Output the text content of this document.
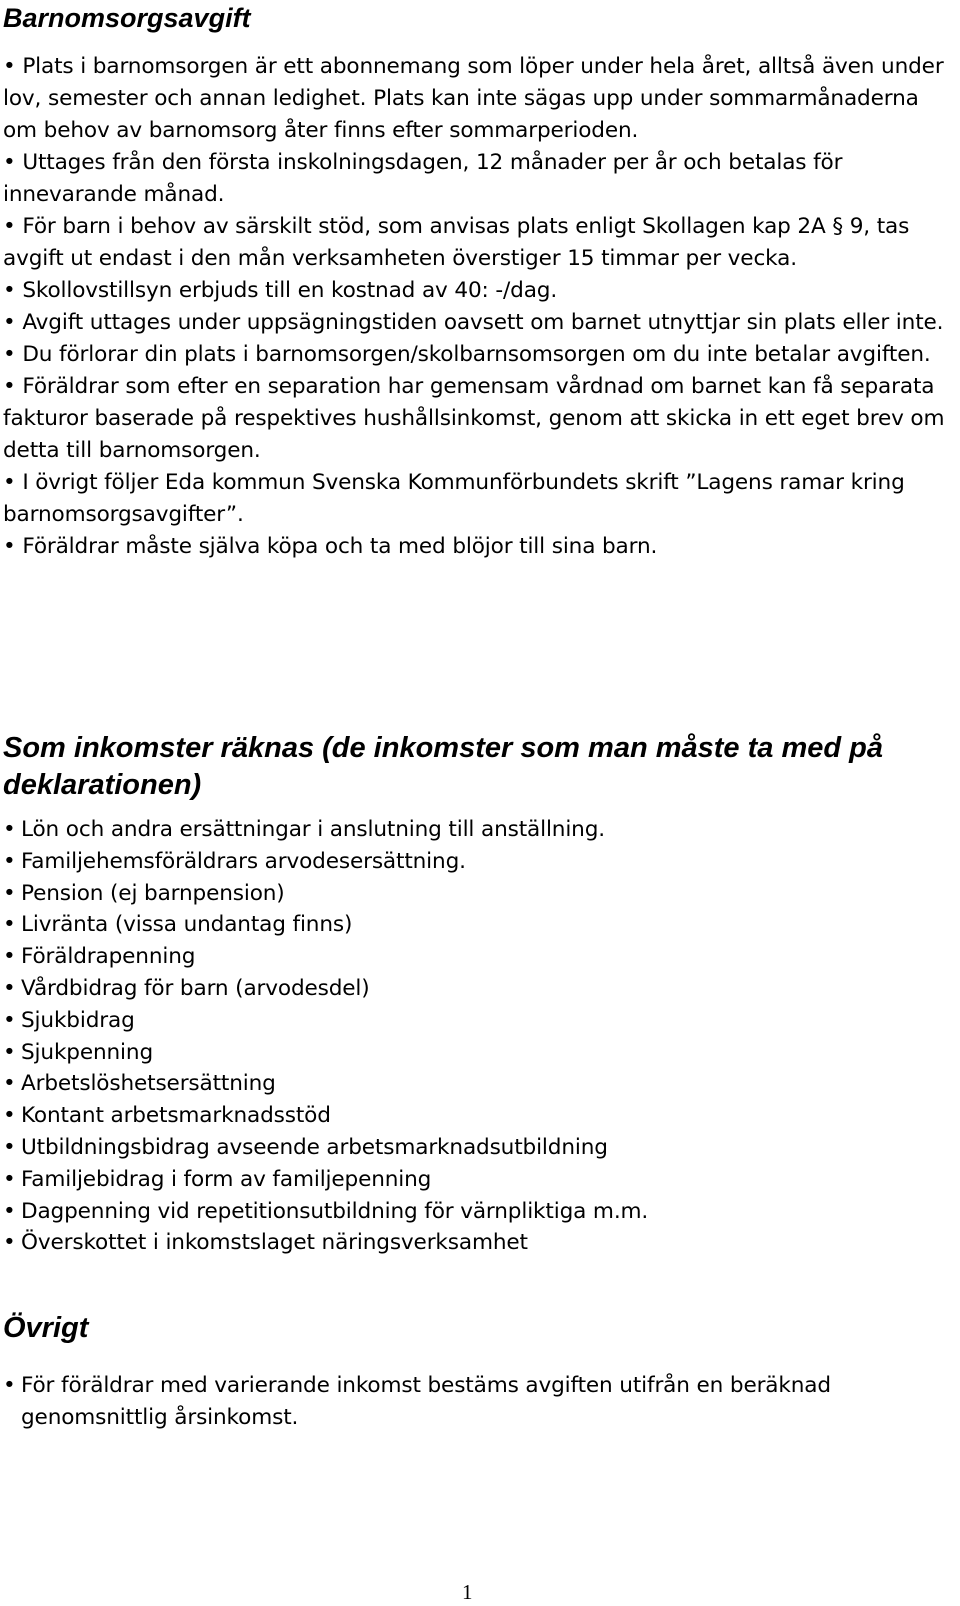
Barnomsorgsavgift

• Plats i barnomsorgen är ett abonnemang som löper under hela året, alltså även under lov, semester och annan ledighet. Plats kan inte sägas upp under sommarmånaderna om behov av barnomsorg åter finns efter sommarperioden.
• Uttages från den första inskolningsdagen, 12 månader per år och betalas för innevarande månad.
• För barn i behov av särskilt stöd, som anvisas plats enligt Skollagen kap 2A § 9, tas avgift ut endast i den mån verksamheten överstiger 15 timmar per vecka.
• Skollovstillsyn erbjuds till en kostnad av 40: -/dag.
• Avgift uttages under uppsägningstiden oavsett om barnet utnyttjar sin plats eller inte.
• Du förlorar din plats i barnomsorgen/skolbarnsomsorgen om du inte betalar avgiften.
• Föräldrar som efter en separation har gemensam vårdnad om barnet kan få separata fakturor baserade på respektives hushållsinkomst, genom att skicka in ett eget brev om detta till barnomsorgen.
• I övrigt följer Eda kommun Svenska Kommunförbundets skrift ”Lagens ramar kring barnomsorgsavgifter”.
• Föräldrar måste själva köpa och ta med blöjor till sina barn.

Som inkomster räknas (de inkomster som man måste ta med på deklarationen)
• Lön och andra ersättningar i anslutning till anställning.
• Familjehemsföräldrars arvodesersättning.
• Pension (ej barnpension)
• Livränta (vissa undantag finns)
• Föräldrapenning
• Vårdbidrag för barn (arvodesdel)
• Sjukbidrag
• Sjukpenning
• Arbetslöshetsersättning
• Kontant arbetsmarknadsstöd
• Utbildningsbidrag avseende arbetsmarknadsutbildning
• Familjebidrag i form av familjepenning
• Dagpenning vid repetitionsutbildning för värnpliktiga m.m.
• Överskottet i inkomstslaget näringsverksamhet
Övrigt
• För föräldrar med varierande inkomst bestäms avgiften utifrån en beräknad genomsnittlig årsinkomst.
1
